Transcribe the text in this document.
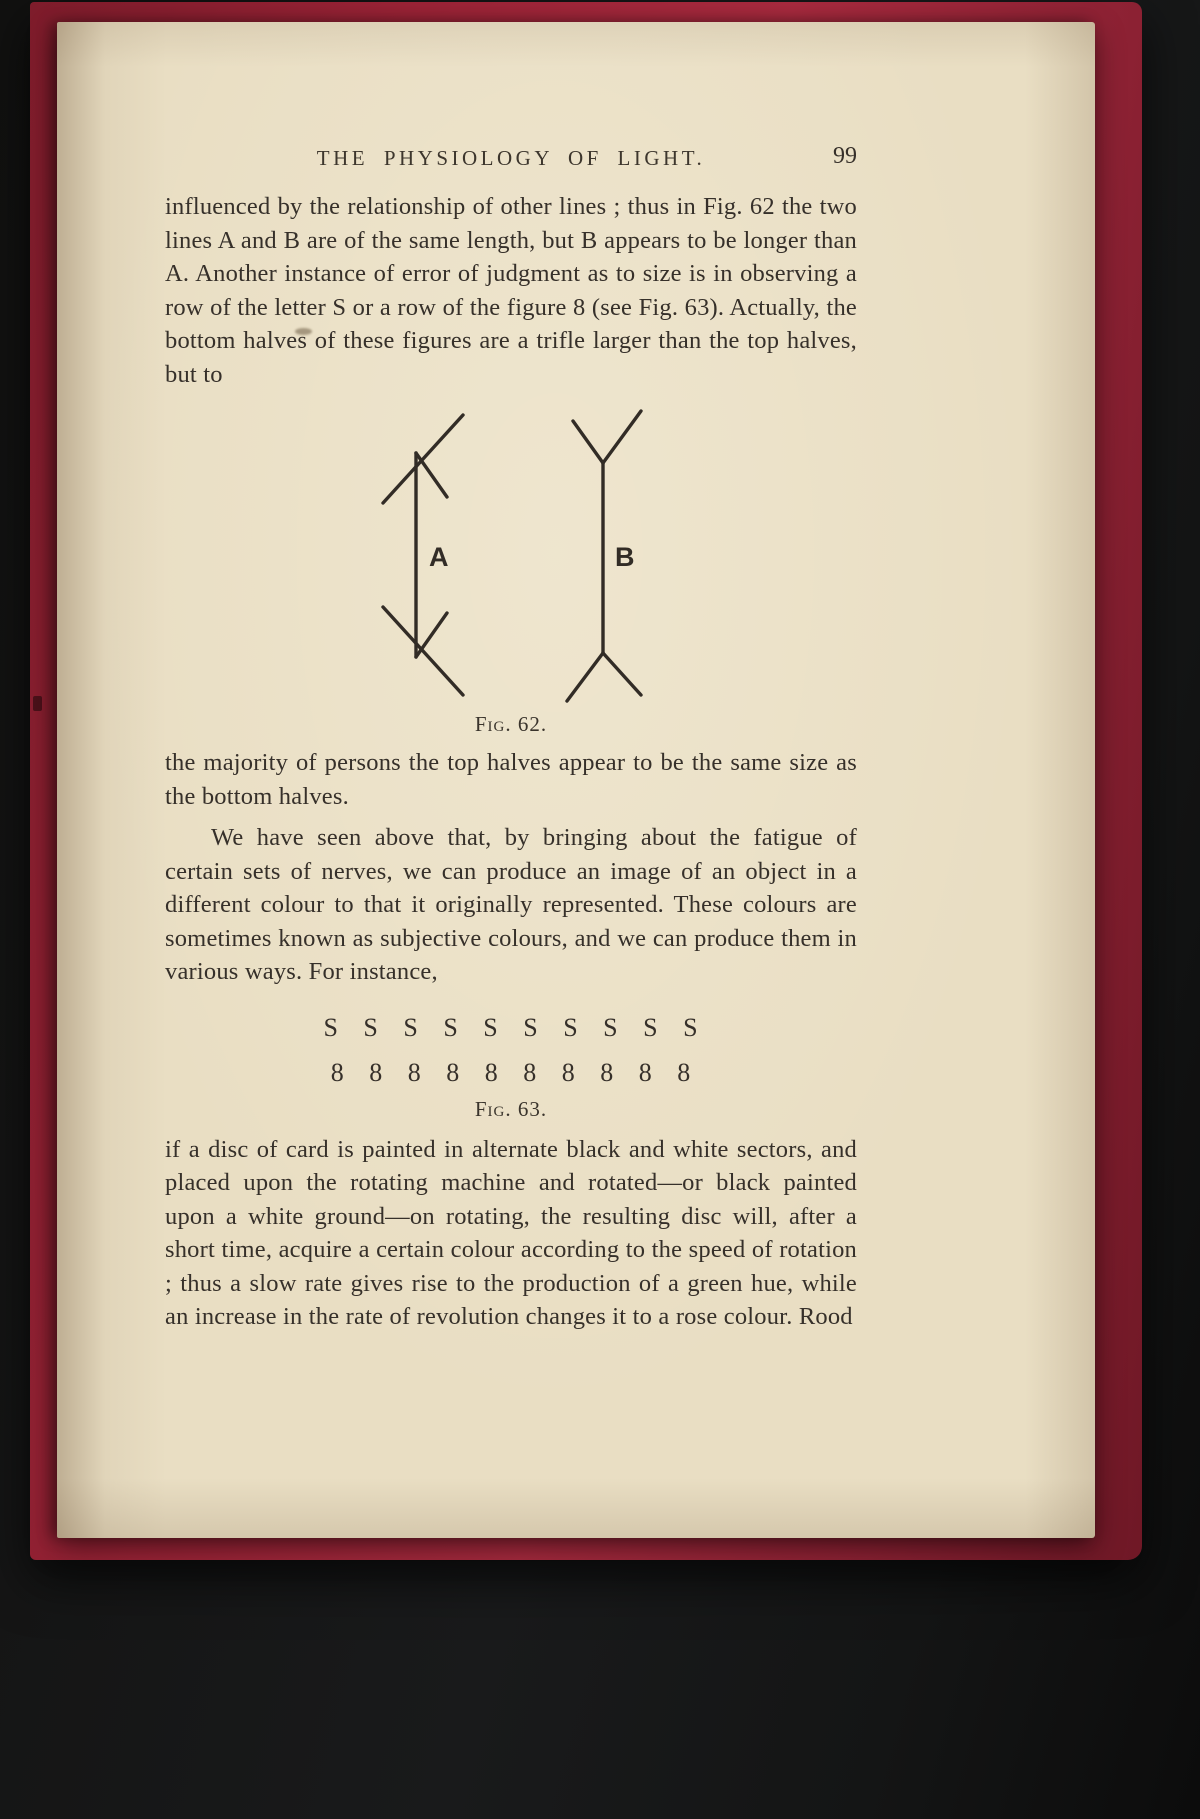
THE PHYSIOLOGY OF LIGHT.	99

influenced by the relationship of other lines ; thus in Fig. 62 the two lines A and B are of the same length, but B appears to be longer than A. Another instance of error of judgment as to size is in observing a row of the letter S or a row of the figure 8 (see Fig. 63). Actually, the bottom halves of these figures are a trifle larger than the top halves, but to

A	B
Fig. 62.

the majority of persons the top halves appear to be the same size as the bottom halves.

We have seen above that, by bringing about the fatigue of certain sets of nerves, we can produce an image of an object in a different colour to that it originally represented. These colours are sometimes known as subjective colours, and we can produce them in various ways. For instance,

S S S S S S S S S S
8 8 8 8 8 8 8 8 8 8
Fig. 63.

if a disc of card is painted in alternate black and white sectors, and placed upon the rotating machine and rotated—or black painted upon a white ground—on rotating, the resulting disc will, after a short time, acquire a certain colour according to the speed of rotation ; thus a slow rate gives rise to the production of a green hue, while an increase in the rate of revolution changes it to a rose colour. Rood
